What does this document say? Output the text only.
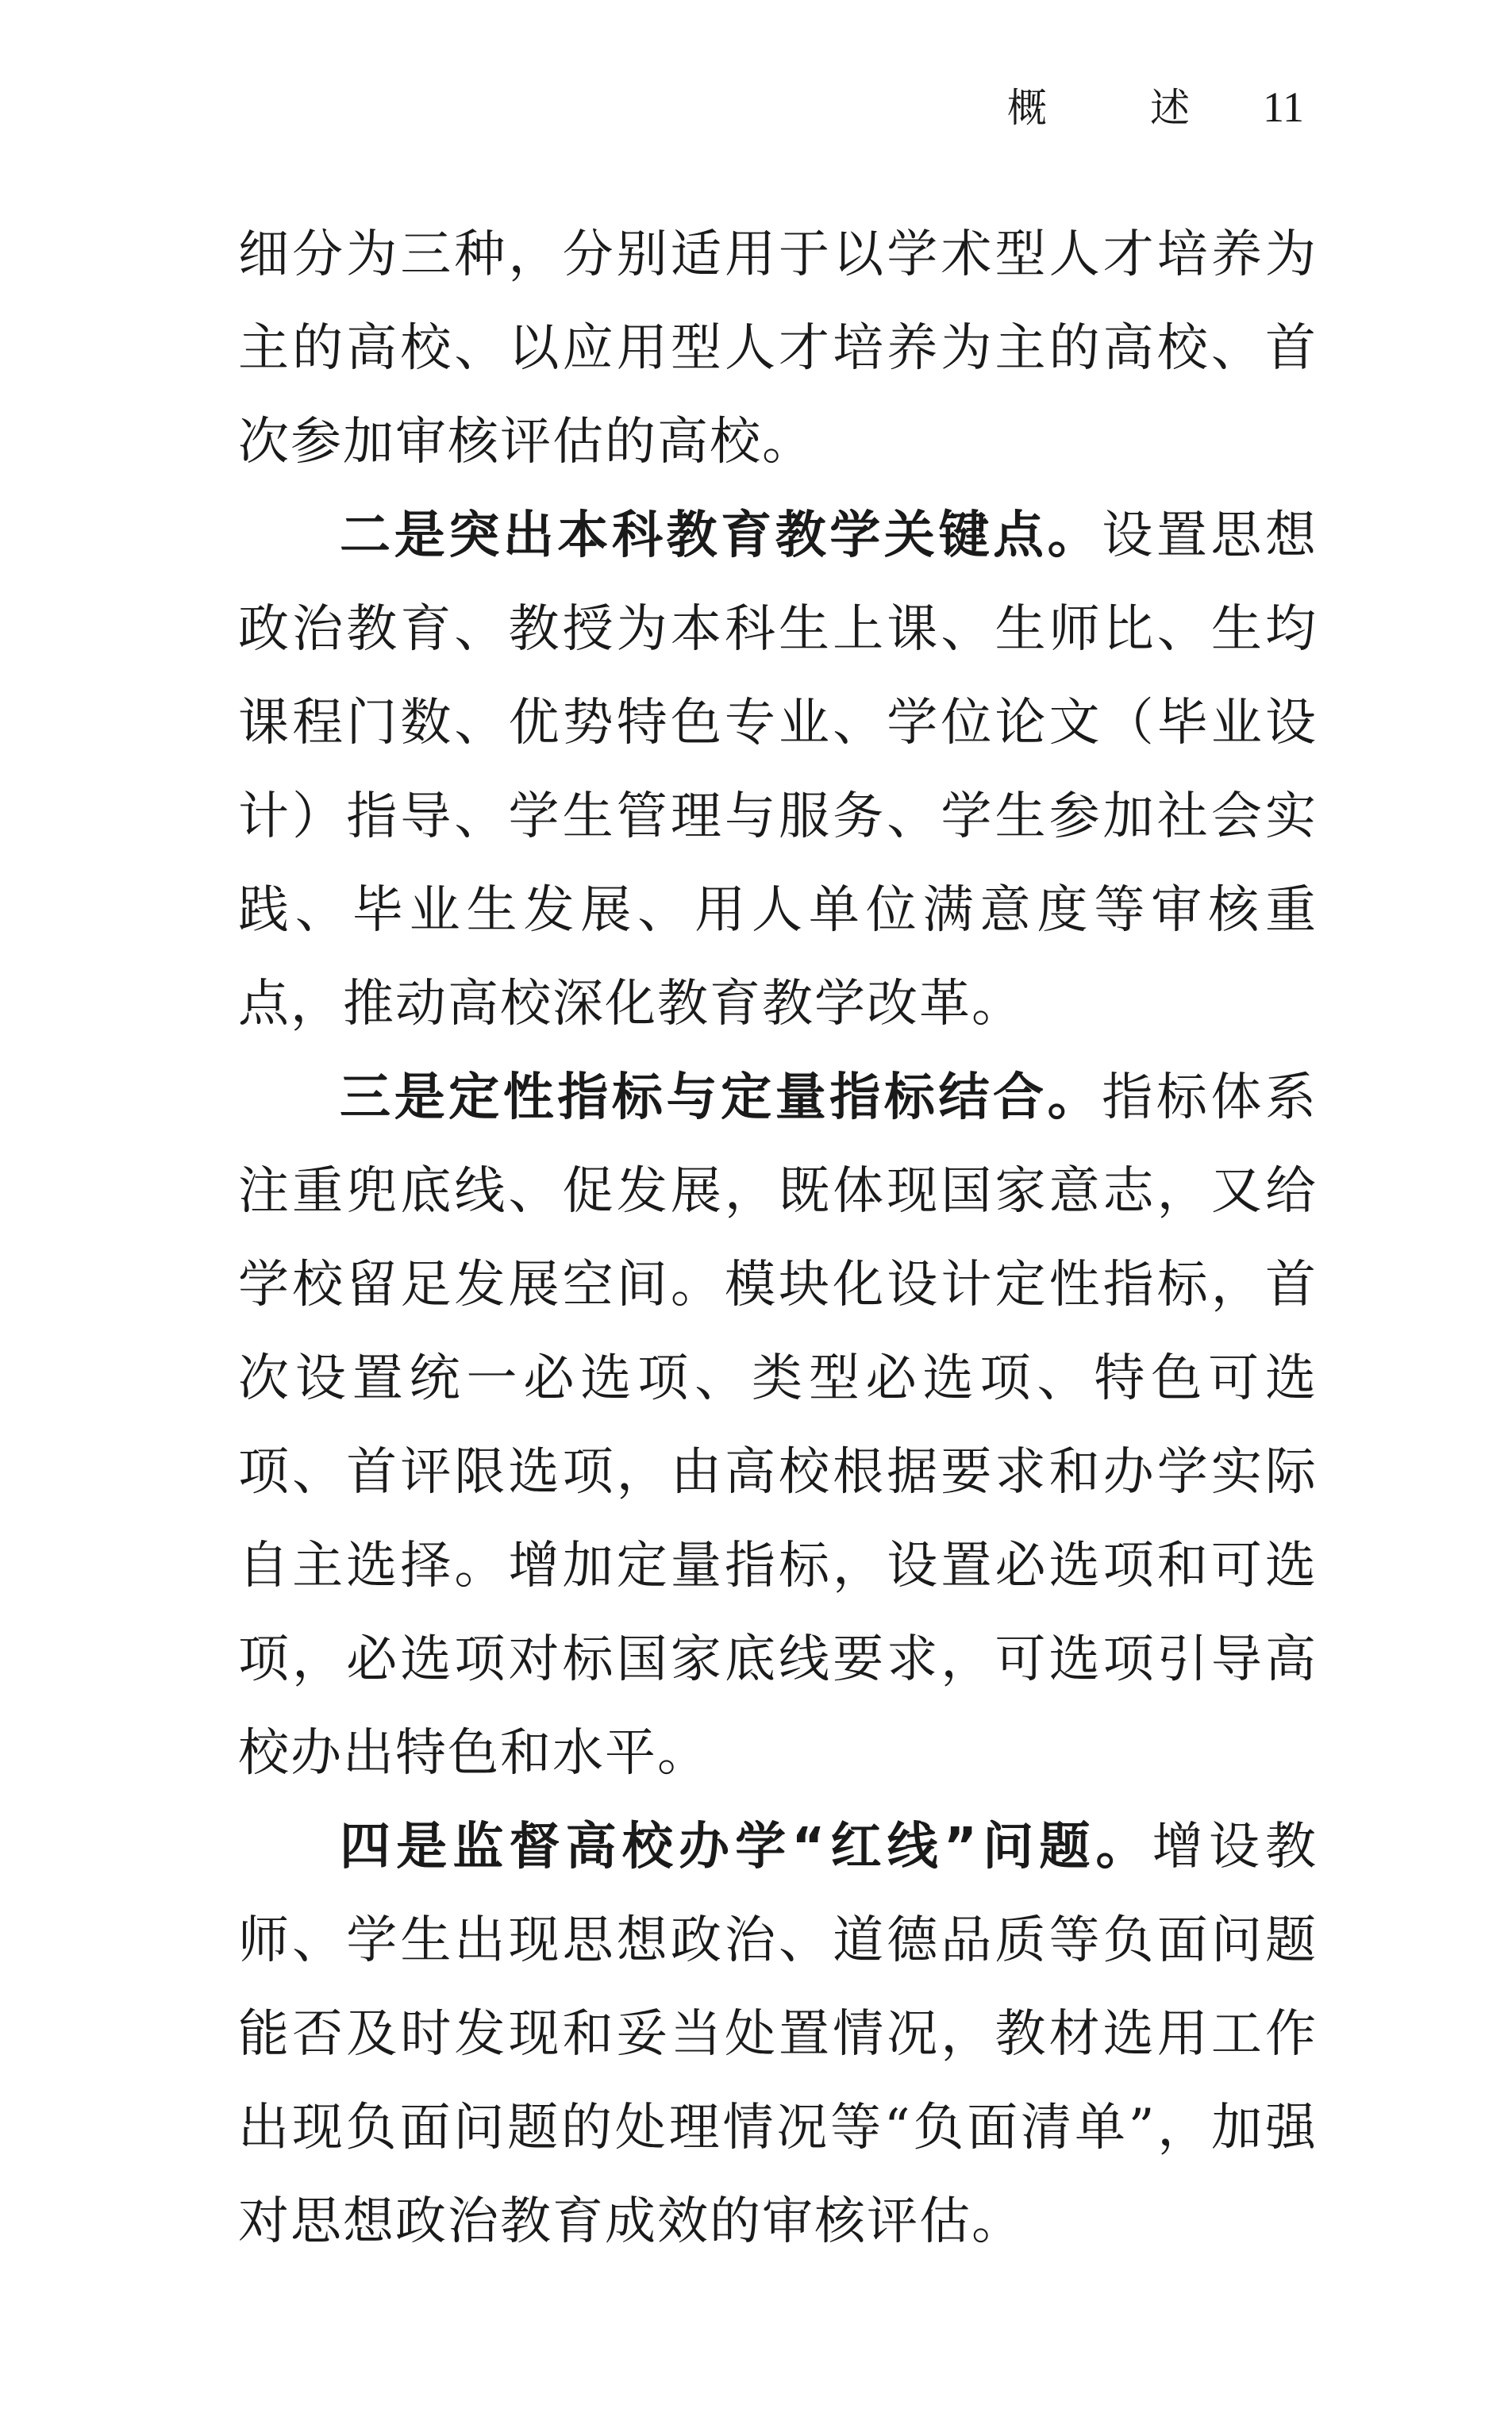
概	述 11

细分为三种，分别适用于以学术型人才培养为主的高校、以应用型人才培养为主的高校、首次参加审核评估的高校。

二是突出本科教育教学关键点。设置思想政治教育、教授为本科生上课、生师比、生均课程门数、优势特色专业、学位论文（毕业设计）指导、学生管理与服务、学生参加社会实践、毕业生发展、用人单位满意度等审核重点，推动高校深化教育教学改革。

三是定性指标与定量指标结合。指标体系注重兜底线、促发展，既体现国家意志，又给学校留足发展空间。模块化设计定性指标，首次设置统一必选项、类型必选项、特色可选项、首评限选项，由高校根据要求和办学实际自主选择。增加定量指标，设置必选项和可选项，必选项对标国家底线要求，可选项引导高校办出特色和水平。

四是监督高校办学“红线”问题。增设教师、学生出现思想政治、道德品质等负面问题能否及时发现和妥当处置情况，教材选用工作出现负面问题的处理情况等“负面清单”，加强对思想政治教育成效的审核评估。
